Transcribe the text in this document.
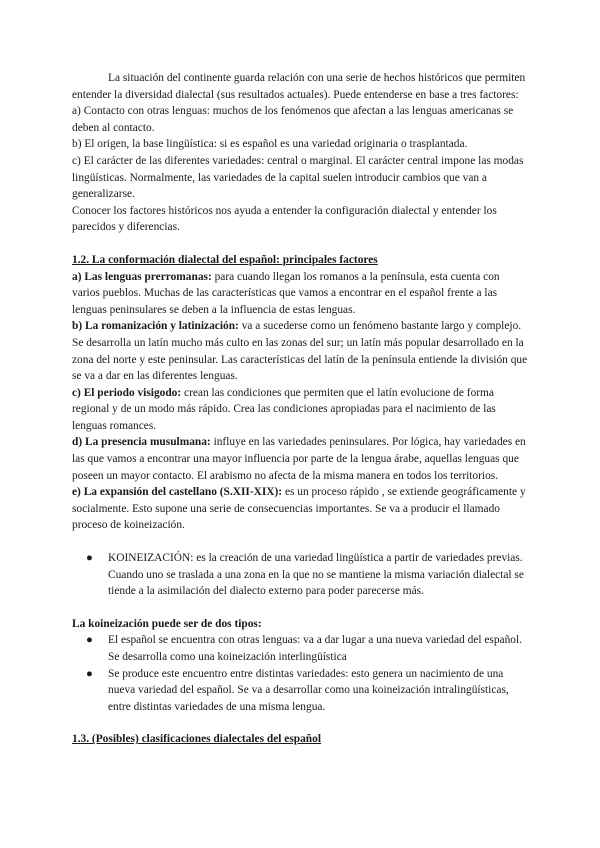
La situación del continente guarda relación con una serie de hechos históricos que permiten entender la diversidad dialectal (sus resultados actuales). Puede entenderse en base a tres factores:

a) Contacto con otras lenguas: muchos de los fenómenos que afectan a las lenguas americanas se deben al contacto.

b) El origen, la base lingüística: si es español es una variedad originaria o trasplantada.

c) El carácter de las diferentes variedades: central o marginal. El carácter central impone las modas lingüísticas. Normalmente, las variedades de la capital suelen introducir cambios que van a generalizarse.

Conocer los factores históricos nos ayuda a entender la configuración dialectal y entender los parecidos y diferencias.

1.2. La conformación dialectal del español: principales factores

a) Las lenguas prerromanas: para cuando llegan los romanos a la península, esta cuenta con varios pueblos. Muchas de las características que vamos a encontrar en el español frente a las lenguas peninsulares se deben a la influencia de estas lenguas.

b) La romanización y latinización: va a sucederse como un fenómeno bastante largo y complejo. Se desarrolla un latín mucho más culto en las zonas del sur; un latín más popular desarrollado en la zona del norte y este peninsular. Las características del latín de la península entiende la división que se va a dar en las diferentes lenguas.

c) El periodo visigodo: crean las condiciones que permiten que el latín evolucione de forma regional y de un modo más rápido. Crea las condiciones apropiadas para el nacimiento de las lenguas romances.

d) La presencia musulmana: influye en las variedades peninsulares. Por lógica, hay variedades en las que vamos a encontrar una mayor influencia por parte de la lengua árabe, aquellas lenguas que poseen un mayor contacto. El arabismo no afecta de la misma manera en todos los territorios.

e) La expansión del castellano (S.XII-XIX): es un proceso rápido , se extiende geográficamente y socialmente. Esto supone una serie de consecuencias importantes. Se va a producir el llamado proceso de koineización.

● KOINEIZACIÓN: es la creación de una variedad lingüística a partir de variedades previas. Cuando uno se traslada a una zona en la que no se mantiene la misma variación dialectal se tiende a la asimilación del dialecto externo para poder parecerse más.

La koineización puede ser de dos tipos:

● El español se encuentra con otras lenguas: va a dar lugar a una nueva variedad del español. Se desarrolla como una koineización interlingüística
● Se produce este encuentro entre distintas variedades: esto genera un nacimiento de una nueva variedad del español. Se va a desarrollar como una koineización intralingüísticas, entre distintas variedades de una misma lengua.

1.3. (Posibles) clasificaciones dialectales del español
